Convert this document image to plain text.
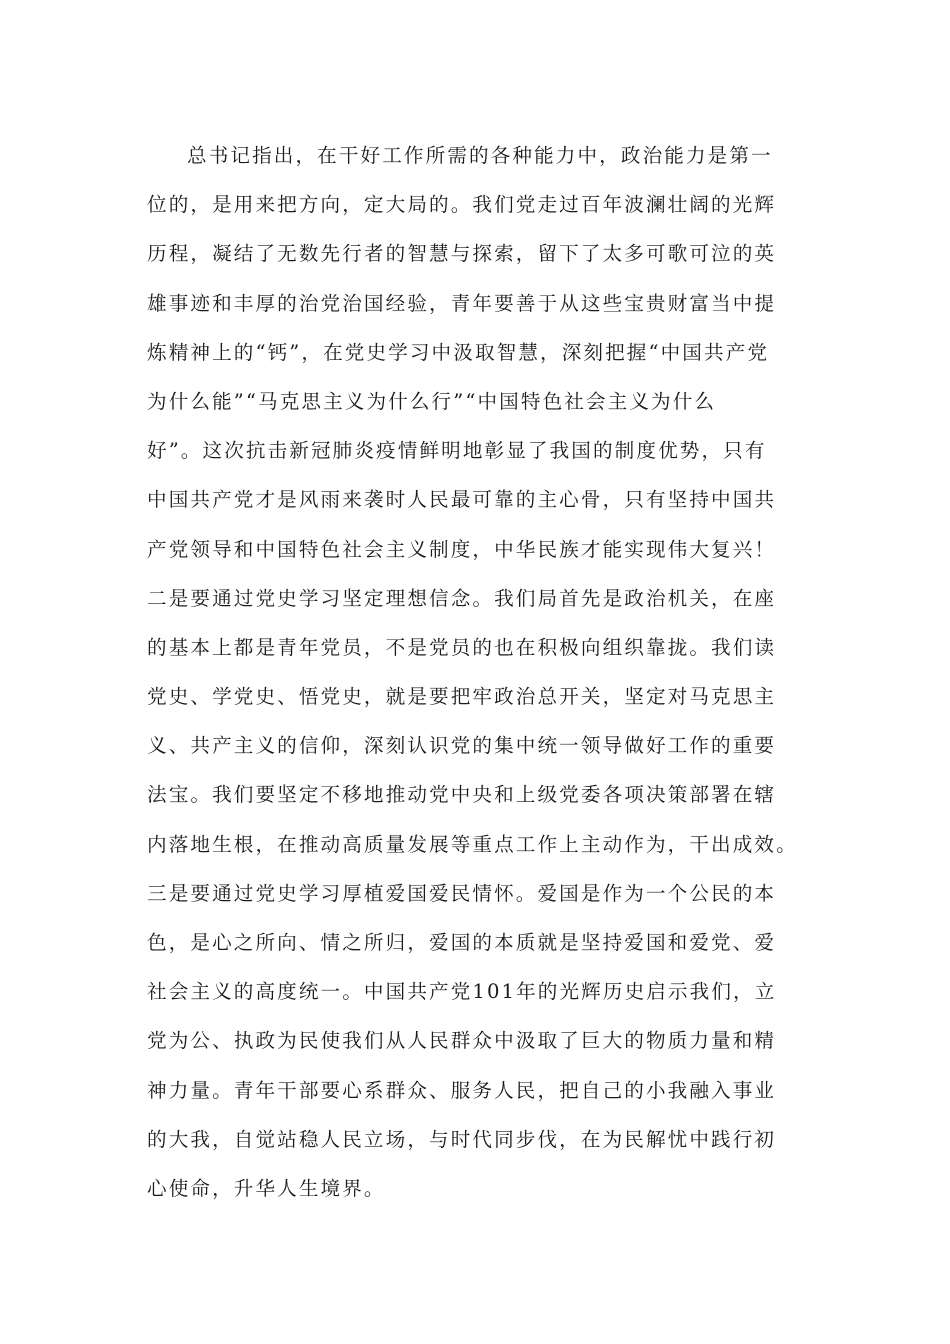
总书记指出，在干好工作所需的各种能力中，政治能力是第一
位的，是用来把方向，定大局的。我们党走过百年波澜壮阔的光辉
历程，凝结了无数先行者的智慧与探索，留下了太多可歌可泣的英
雄事迹和丰厚的治党治国经验，青年要善于从这些宝贵财富当中提
炼精神上的“钙”，在党史学习中汲取智慧，深刻把握“中国共产党
为什么能”“马克思主义为什么行”“中国特色社会主义为什么
好”。这次抗击新冠肺炎疫情鲜明地彰显了我国的制度优势，只有
中国共产党才是风雨来袭时人民最可靠的主心骨，只有坚持中国共
产党领导和中国特色社会主义制度，中华民族才能实现伟大复兴！
二是要通过党史学习坚定理想信念。我们局首先是政治机关，在座
的基本上都是青年党员，不是党员的也在积极向组织靠拢。我们读
党史、学党史、悟党史，就是要把牢政治总开关，坚定对马克思主
义、共产主义的信仰，深刻认识党的集中统一领导做好工作的重要
法宝。我们要坚定不移地推动党中央和上级党委各项决策部署在辖
内落地生根，在推动高质量发展等重点工作上主动作为，干出成效。
三是要通过党史学习厚植爱国爱民情怀。爱国是作为一个公民的本
色，是心之所向、情之所归，爱国的本质就是坚持爱国和爱党、爱
社会主义的高度统一。中国共产党101年的光辉历史启示我们，立
党为公、执政为民使我们从人民群众中汲取了巨大的物质力量和精
神力量。青年干部要心系群众、服务人民，把自己的小我融入事业
的大我，自觉站稳人民立场，与时代同步伐，在为民解忧中践行初
心使命，升华人生境界。
